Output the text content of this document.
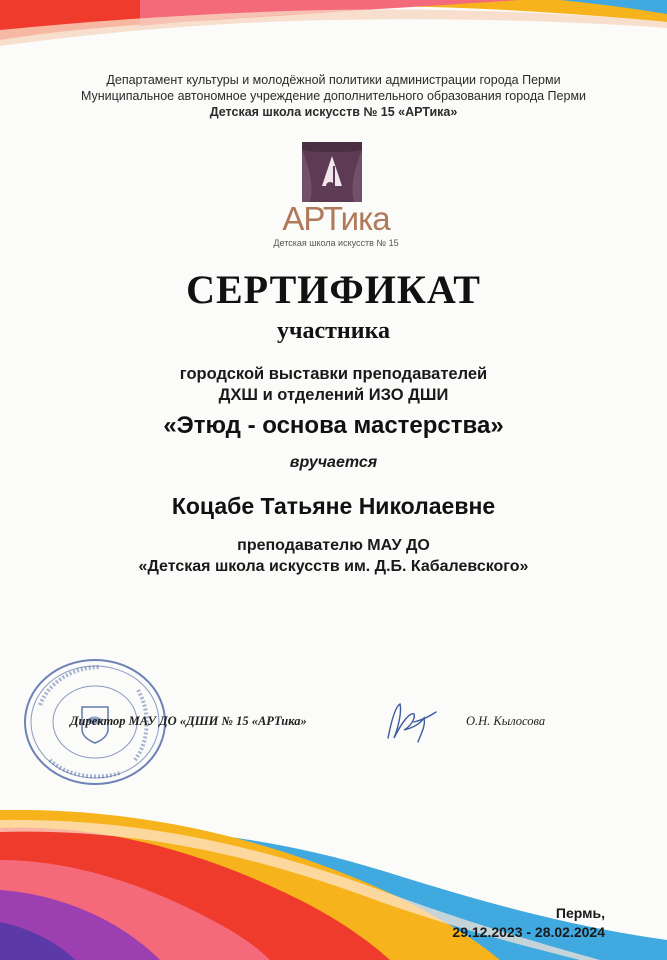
Департамент культуры и молодёжной политики администрации города Перми
Муниципальное автономное учреждение дополнительного образования города Перми
Детская школа искусств № 15 «АРТика»
АРТика
Детская школа искусств № 15
СЕРТИФИКАТ
участника
городской выставки преподавателей
ДХШ и отделений ИЗО ДШИ
«Этюд - основа мастерства»
вручается
Коцабе Татьяне Николаевне
преподавателю МАУ ДО
«Детская школа искусств им. Д.Б. Кабалевского»
Директор МАУ ДО «ДШИ № 15 «АРТика»	О.Н. Кылосова
Пермь,
29.12.2023 - 28.02.2024
